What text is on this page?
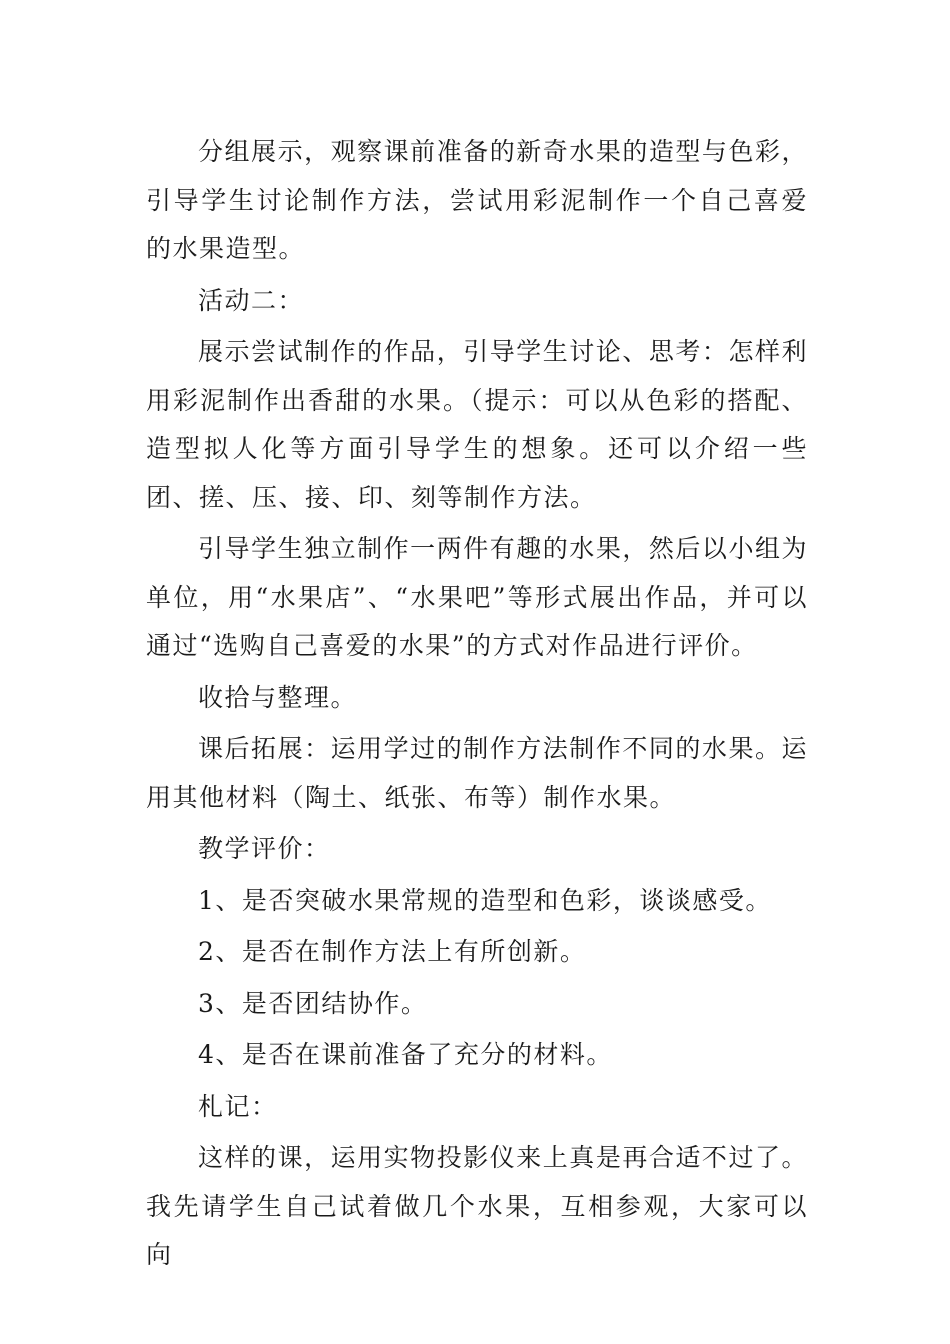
分组展示，观察课前准备的新奇水果的造型与色彩，引导学生讨论制作方法，尝试用彩泥制作一个自己喜爱的水果造型。

活动二：

展示尝试制作的作品，引导学生讨论、思考：怎样利用彩泥制作出香甜的水果。（提示：可以从色彩的搭配、造型拟人化等方面引导学生的想象。还可以介绍一些团、搓、压、接、印、刻等制作方法。

引导学生独立制作一两件有趣的水果，然后以小组为单位，用“水果店”、“水果吧”等形式展出作品，并可以通过“选购自己喜爱的水果”的方式对作品进行评价。

收拾与整理。

课后拓展：运用学过的制作方法制作不同的水果。运用其他材料（陶土、纸张、布等）制作水果。

教学评价：

1、是否突破水果常规的造型和色彩，谈谈感受。

2、是否在制作方法上有所创新。

3、是否团结协作。

4、是否在课前准备了充分的材料。

札记：

这样的课，运用实物投影仪来上真是再合适不过了。我先请学生自己试着做几个水果，互相参观，大家可以向
